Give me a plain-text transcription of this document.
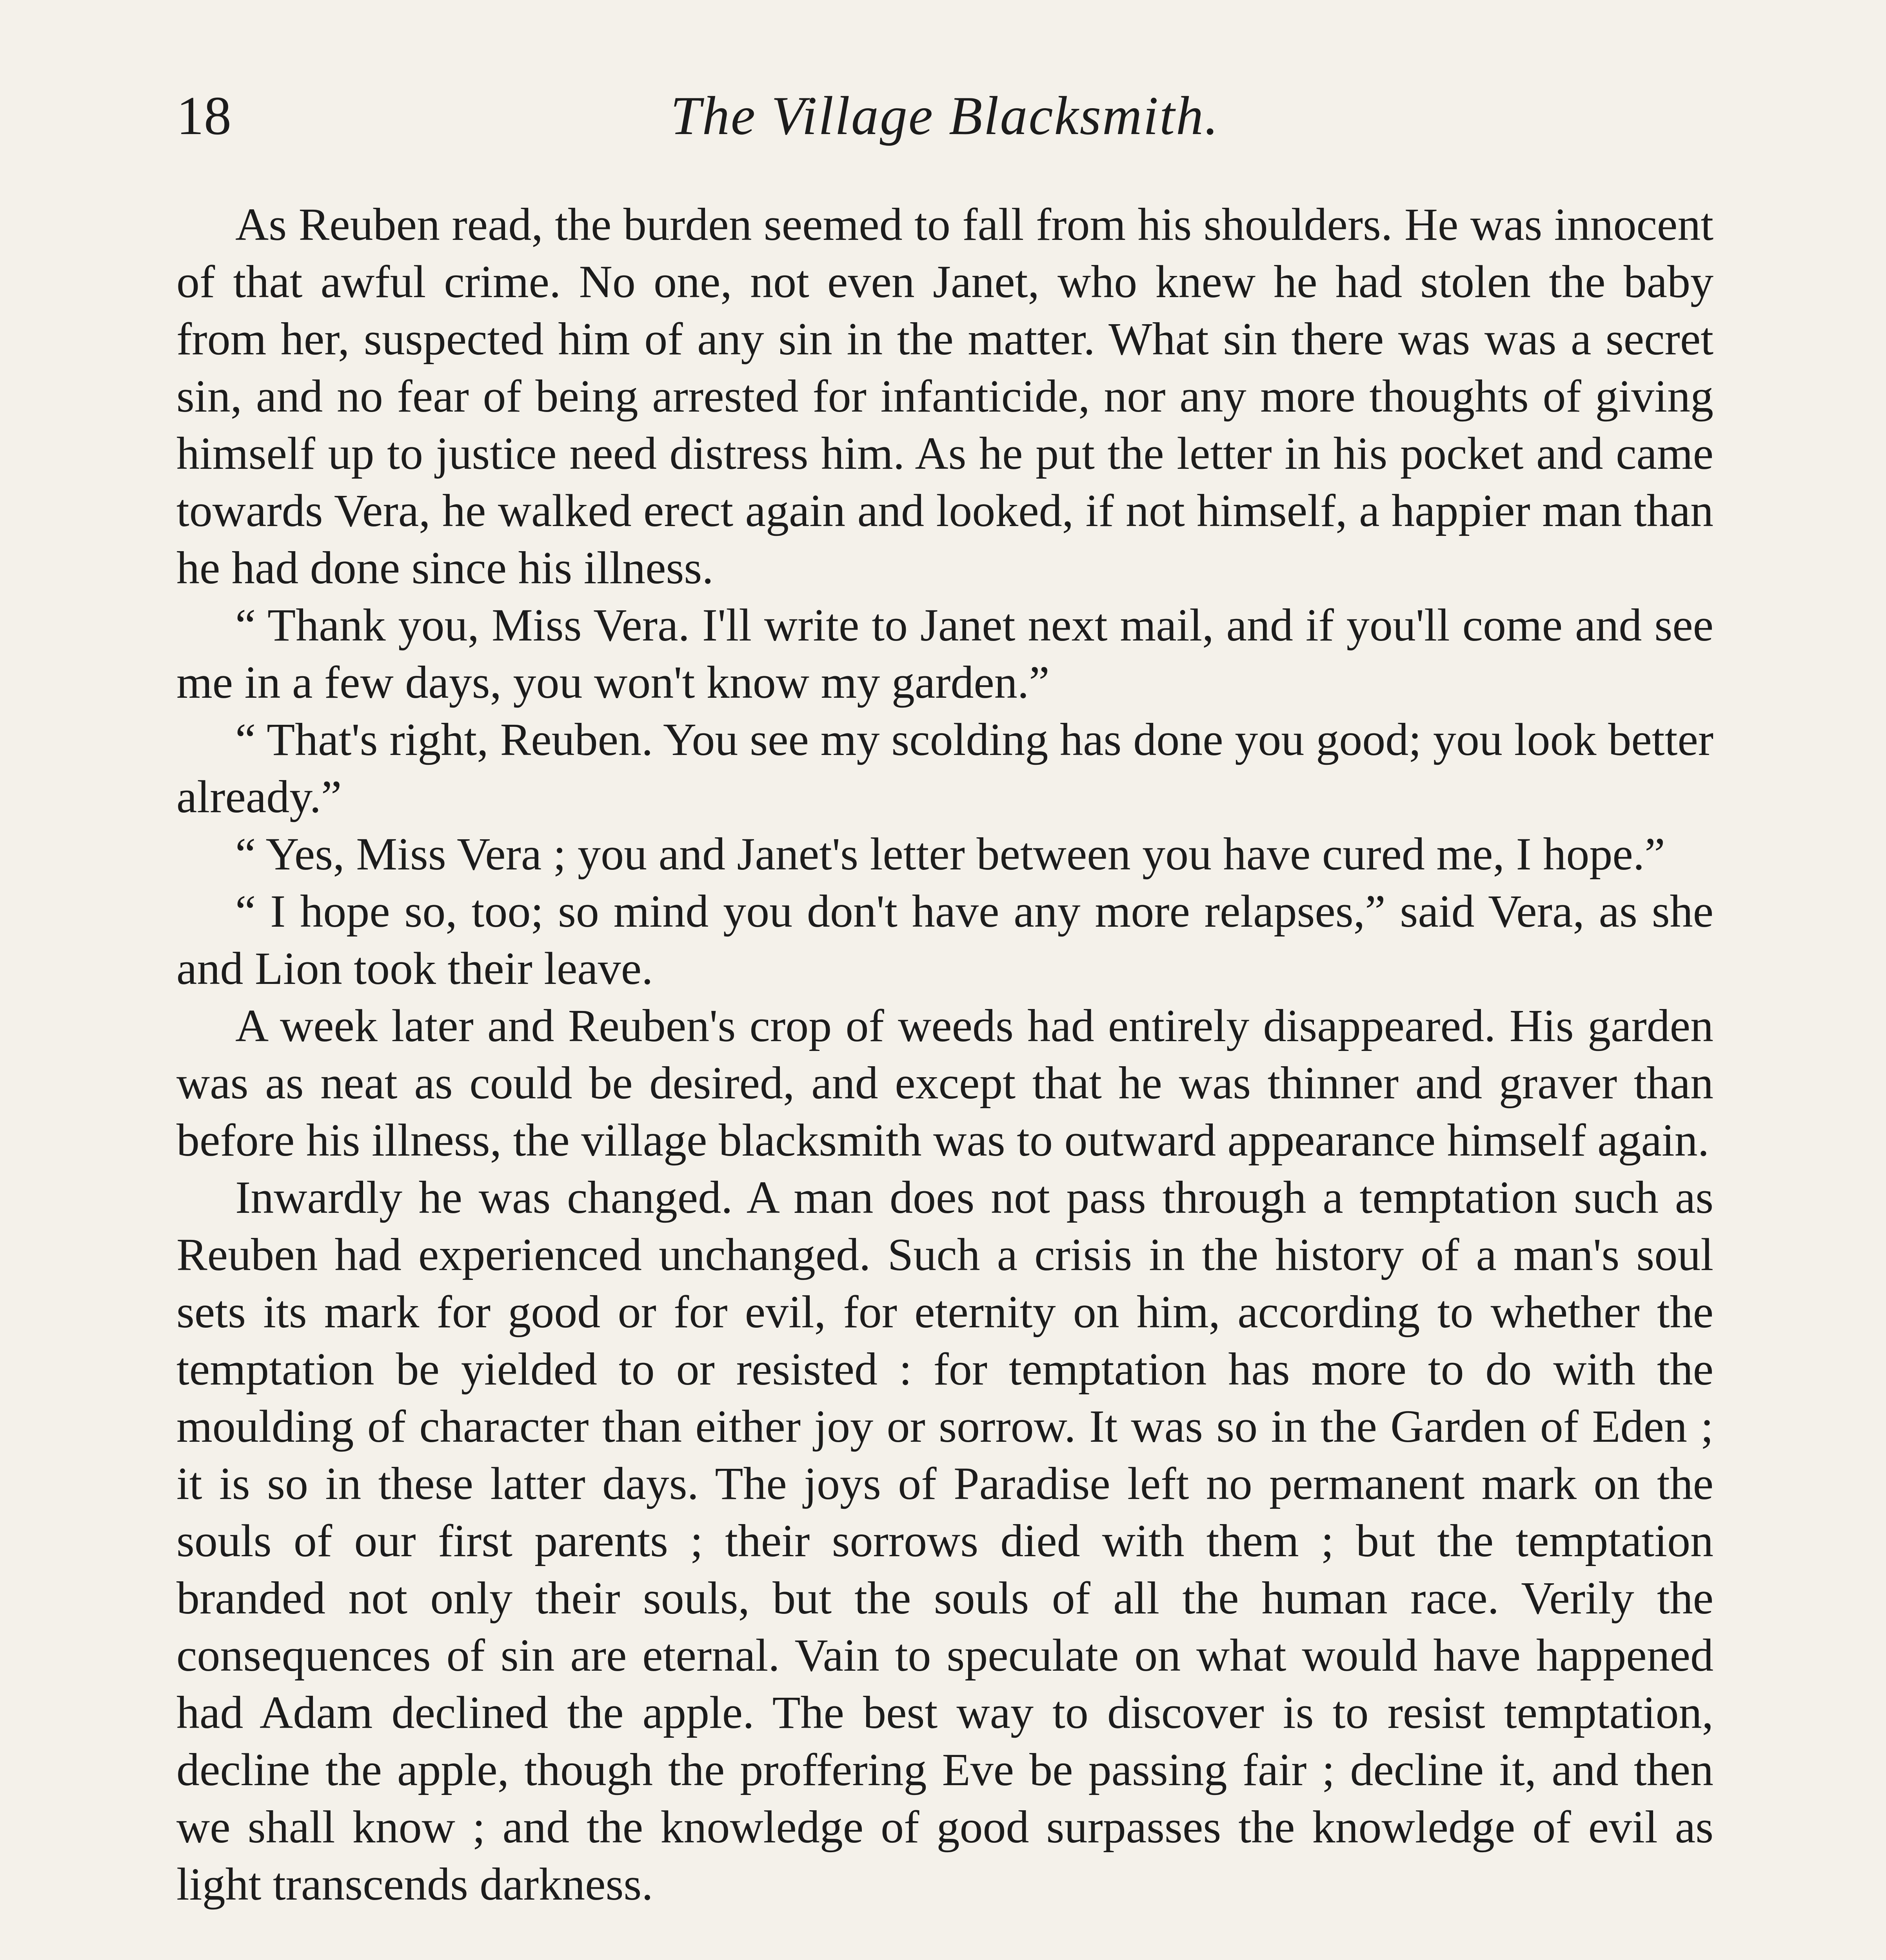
18	The Village Blacksmith.

As Reuben read, the burden seemed to fall from his shoulders. He was innocent of that awful crime. No one, not even Janet, who knew he had stolen the baby from her, suspected him of any sin in the matter. What sin there was was a secret sin, and no fear of being arrested for infanticide, nor any more thoughts of giving himself up to justice need distress him. As he put the letter in his pocket and came towards Vera, he walked erect again and looked, if not himself, a happier man than he had done since his illness.

“ Thank you, Miss Vera. I'll write to Janet next mail, and if you'll come and see me in a few days, you won't know my garden.”

“ That's right, Reuben. You see my scolding has done you good; you look better already.”

“ Yes, Miss Vera ; you and Janet's letter between you have cured me, I hope.”

“ I hope so, too; so mind you don't have any more relapses,” said Vera, as she and Lion took their leave.

A week later and Reuben's crop of weeds had entirely disappeared. His garden was as neat as could be desired, and except that he was thinner and graver than before his illness, the village blacksmith was to outward appearance himself again.

Inwardly he was changed. A man does not pass through a temptation such as Reuben had experienced unchanged. Such a crisis in the history of a man's soul sets its mark for good or for evil, for eternity on him, according to whether the temptation be yielded to or resisted : for temptation has more to do with the moulding of character than either joy or sorrow. It was so in the Garden of Eden ; it is so in these latter days. The joys of Paradise left no permanent mark on the souls of our first parents ; their sorrows died with them ; but the temptation branded not only their souls, but the souls of all the human race. Verily the consequences of sin are eternal. Vain to speculate on what would have happened had Adam declined the apple. The best way to discover is to resist temptation, decline the apple, though the proffering Eve be passing fair ; decline it, and then we shall know ; and the knowledge of good surpasses the knowledge of evil as light transcends darkness.
